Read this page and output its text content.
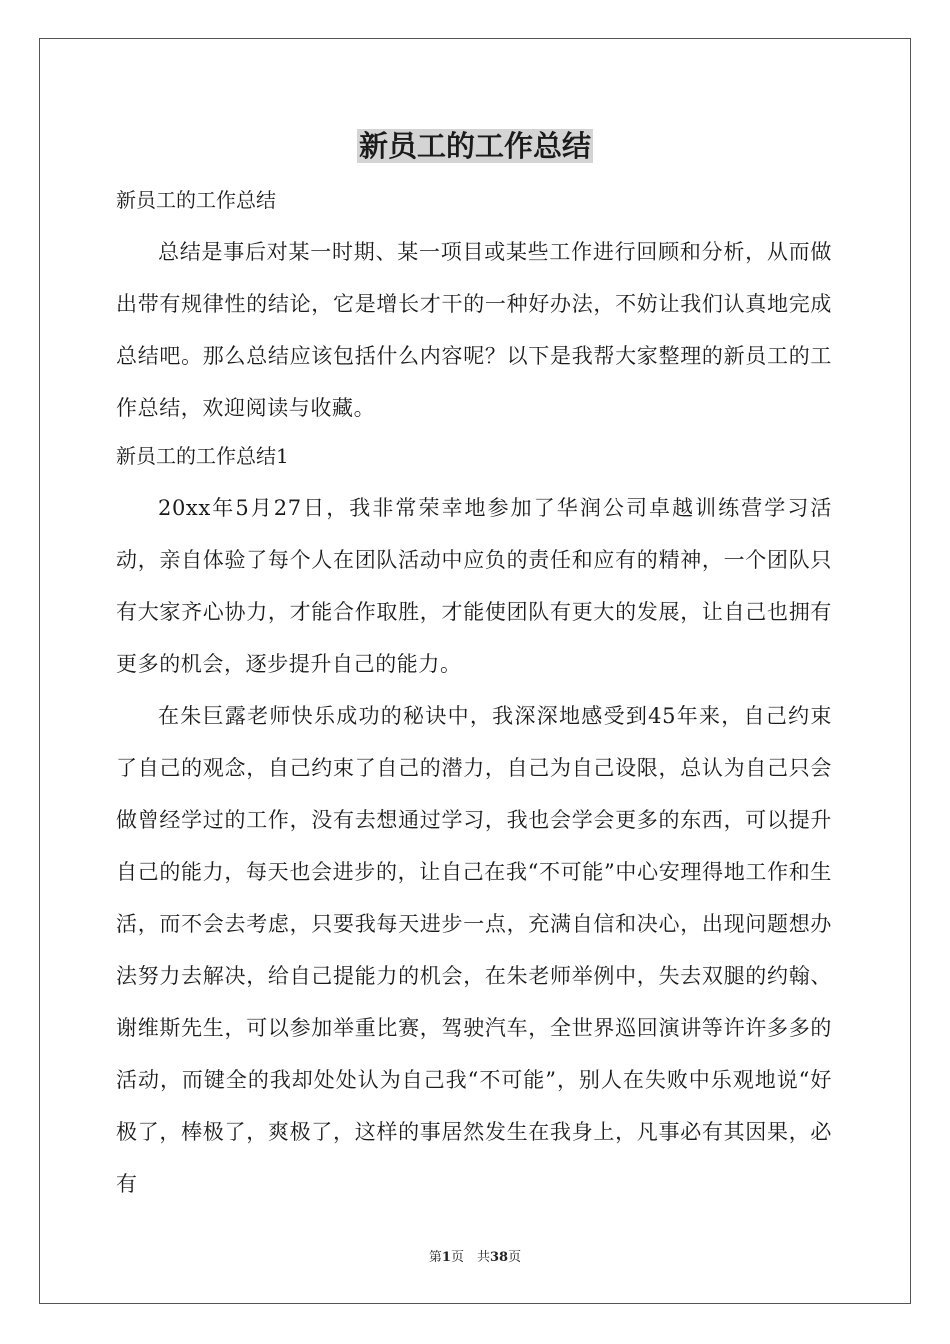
新员工的工作总结

新员工的工作总结

总结是事后对某一时期、某一项目或某些工作进行回顾和分析，从而做出带有规律性的结论，它是增长才干的一种好办法，不妨让我们认真地完成总结吧。那么总结应该包括什么内容呢？以下是我帮大家整理的新员工的工作总结，欢迎阅读与收藏。

新员工的工作总结1

20xx年5月27日，我非常荣幸地参加了华润公司卓越训练营学习活动，亲自体验了每个人在团队活动中应负的责任和应有的精神，一个团队只有大家齐心协力，才能合作取胜，才能使团队有更大的发展，让自己也拥有更多的机会，逐步提升自己的能力。

在朱巨露老师快乐成功的秘诀中，我深深地感受到45年来，自己约束了自己的观念，自己约束了自己的潜力，自己为自己设限，总认为自己只会做曾经学过的工作，没有去想通过学习，我也会学会更多的东西，可以提升自己的能力，每天也会进步的，让自己在我“不可能”中心安理得地工作和生活，而不会去考虑，只要我每天进步一点，充满自信和决心，出现问题想办法努力去解决，给自己提能力的机会，在朱老师举例中，失去双腿的约翰、谢维斯先生，可以参加举重比赛，驾驶汽车，全世界巡回演讲等许许多多的活动，而键全的我却处处认为自己我“不可能”，别人在失败中乐观地说“好极了，棒极了，爽极了，这样的事居然发生在我身上，凡事必有其因果，必有

第1页　共38页
